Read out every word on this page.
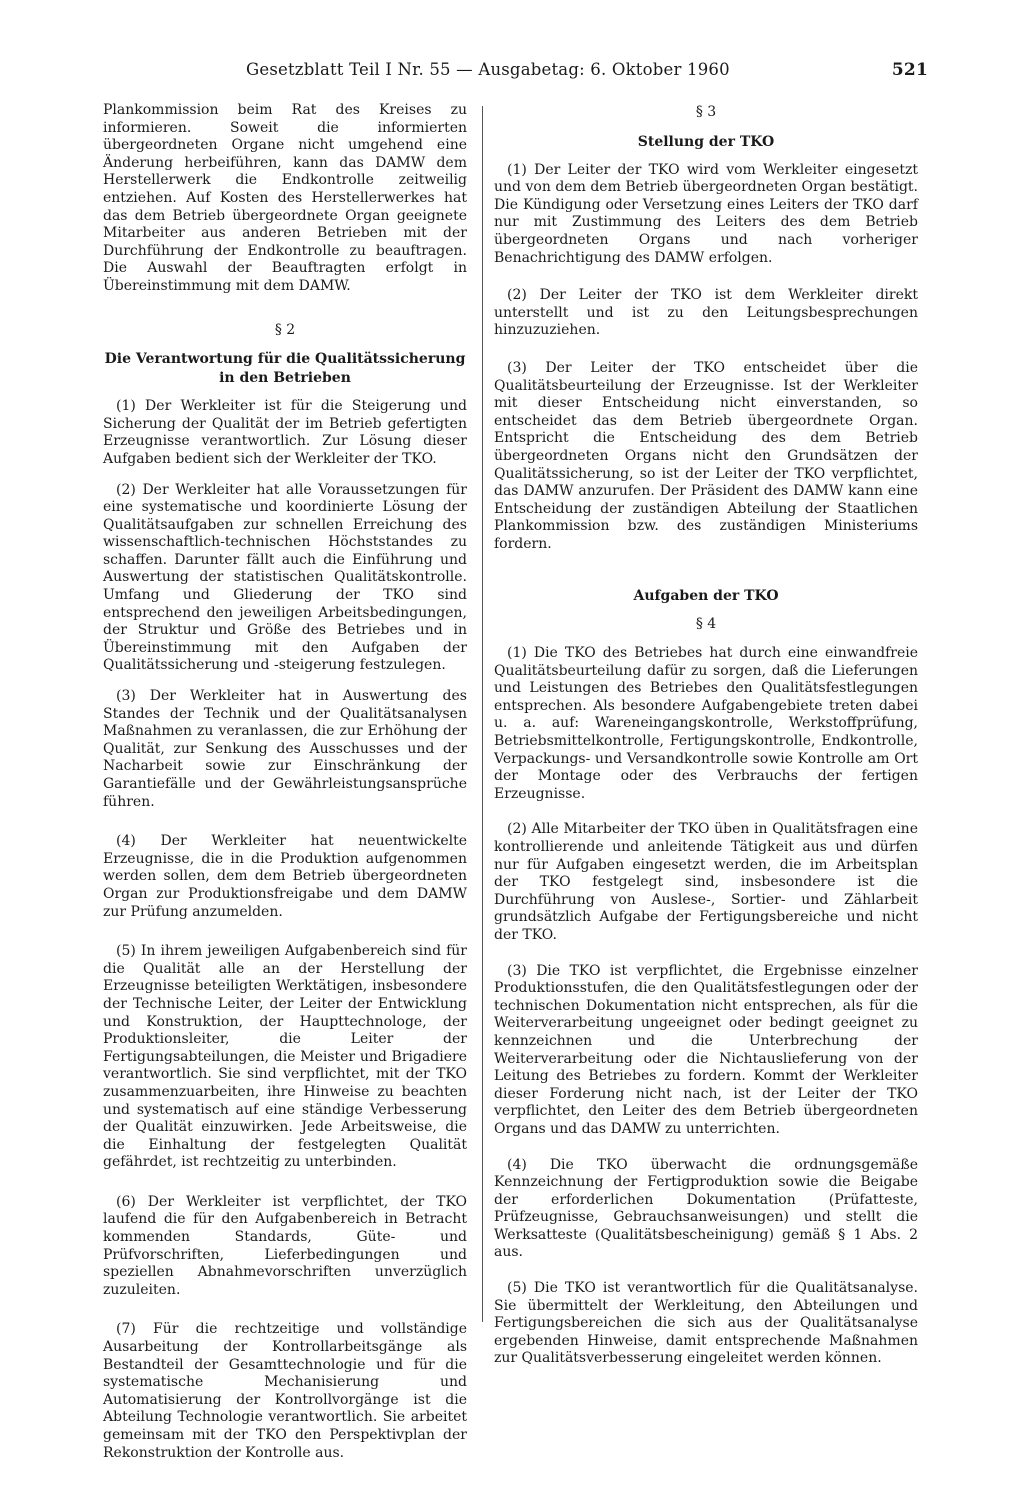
Gesetzblatt Teil I Nr. 55 — Ausgabetag: 6. Oktober 1960	521

Plankommission beim Rat des Kreises zu informieren. Soweit die informierten übergeordneten Organe nicht umgehend eine Änderung herbeiführen, kann das DAMW dem Herstellerwerk die Endkontrolle zeitweilig entziehen. Auf Kosten des Herstellerwerkes hat das dem Betrieb übergeordnete Organ geeignete Mitarbeiter aus anderen Betrieben mit der Durchführung der Endkontrolle zu beauftragen. Die Auswahl der Beauftragten erfolgt in Übereinstimmung mit dem DAMW.

§ 2
Die Verantwortung für die Qualitätssicherung
in den Betrieben

(1) Der Werkleiter ist für die Steigerung und Sicherung der Qualität der im Betrieb gefertigten Erzeugnisse verantwortlich. Zur Lösung dieser Aufgaben bedient sich der Werkleiter der TKO.

(2) Der Werkleiter hat alle Voraussetzungen für eine systematische und koordinierte Lösung der Qualitätsaufgaben zur schnellen Erreichung des wissenschaftlich-technischen Höchststandes zu schaffen. Darunter fällt auch die Einführung und Auswertung der statistischen Qualitätskontrolle. Umfang und Gliederung der TKO sind entsprechend den jeweiligen Arbeitsbedingungen, der Struktur und Größe des Betriebes und in Übereinstimmung mit den Aufgaben der Qualitätssicherung und -steigerung festzulegen.

(3) Der Werkleiter hat in Auswertung des Standes der Technik und der Qualitätsanalysen Maßnahmen zu veranlassen, die zur Erhöhung der Qualität, zur Senkung des Ausschusses und der Nacharbeit sowie zur Einschränkung der Garantiefälle und der Gewährleistungsansprüche führen.

(4) Der Werkleiter hat neuentwickelte Erzeugnisse, die in die Produktion aufgenommen werden sollen, dem dem Betrieb übergeordneten Organ zur Produktionsfreigabe und dem DAMW zur Prüfung anzumelden.

(5) In ihrem jeweiligen Aufgabenbereich sind für die Qualität alle an der Herstellung der Erzeugnisse beteiligten Werktätigen, insbesondere der Technische Leiter, der Leiter der Entwicklung und Konstruktion, der Haupttechnologe, der Produktionsleiter, die Leiter der Fertigungsabteilungen, die Meister und Brigadiere verantwortlich. Sie sind verpflichtet, mit der TKO zusammenzuarbeiten, ihre Hinweise zu beachten und systematisch auf eine ständige Verbesserung der Qualität einzuwirken. Jede Arbeitsweise, die die Einhaltung der festgelegten Qualität gefährdet, ist rechtzeitig zu unterbinden.

(6) Der Werkleiter ist verpflichtet, der TKO laufend die für den Aufgabenbereich in Betracht kommenden Standards, Güte- und Prüfvorschriften, Lieferbedingungen und speziellen Abnahmevorschriften unverzüglich zuzuleiten.

(7) Für die rechtzeitige und vollständige Ausarbeitung der Kontrollarbeitsgänge als Bestandteil der Gesamttechnologie und für die systematische Mechanisierung und Automatisierung der Kontrollvorgänge ist die Abteilung Technologie verantwortlich. Sie arbeitet gemeinsam mit der TKO den Perspektivplan der Rekonstruktion der Kontrolle aus.

§ 3
Stellung der TKO

(1) Der Leiter der TKO wird vom Werkleiter eingesetzt und von dem dem Betrieb übergeordneten Organ bestätigt. Die Kündigung oder Versetzung eines Leiters der TKO darf nur mit Zustimmung des Leiters des dem Betrieb übergeordneten Organs und nach vorheriger Benachrichtigung des DAMW erfolgen.

(2) Der Leiter der TKO ist dem Werkleiter direkt unterstellt und ist zu den Leitungsbesprechungen hinzuzuziehen.

(3) Der Leiter der TKO entscheidet über die Qualitätsbeurteilung der Erzeugnisse. Ist der Werkleiter mit dieser Entscheidung nicht einverstanden, so entscheidet das dem Betrieb übergeordnete Organ. Entspricht die Entscheidung des dem Betrieb übergeordneten Organs nicht den Grundsätzen der Qualitätssicherung, so ist der Leiter der TKO verpflichtet, das DAMW anzurufen. Der Präsident des DAMW kann eine Entscheidung der zuständigen Abteilung der Staatlichen Plankommission bzw. des zuständigen Ministeriums fordern.

Aufgaben der TKO
§ 4

(1) Die TKO des Betriebes hat durch eine einwandfreie Qualitätsbeurteilung dafür zu sorgen, daß die Lieferungen und Leistungen des Betriebes den Qualitätsfestlegungen entsprechen. Als besondere Aufgabengebiete treten dabei u. a. auf: Wareneingangskontrolle, Werkstoffprüfung, Betriebsmittelkontrolle, Fertigungskontrolle, Endkontrolle, Verpackungs- und Versandkontrolle sowie Kontrolle am Ort der Montage oder des Verbrauchs der fertigen Erzeugnisse.

(2) Alle Mitarbeiter der TKO üben in Qualitätsfragen eine kontrollierende und anleitende Tätigkeit aus und dürfen nur für Aufgaben eingesetzt werden, die im Arbeitsplan der TKO festgelegt sind, insbesondere ist die Durchführung von Auslese-, Sortier- und Zählarbeit grundsätzlich Aufgabe der Fertigungsbereiche und nicht der TKO.

(3) Die TKO ist verpflichtet, die Ergebnisse einzelner Produktionsstufen, die den Qualitätsfestlegungen oder der technischen Dokumentation nicht entsprechen, als für die Weiterverarbeitung ungeeignet oder bedingt geeignet zu kennzeichnen und die Unterbrechung der Weiterverarbeitung oder die Nichtauslieferung von der Leitung des Betriebes zu fordern. Kommt der Werkleiter dieser Forderung nicht nach, ist der Leiter der TKO verpflichtet, den Leiter des dem Betrieb übergeordneten Organs und das DAMW zu unterrichten.

(4) Die TKO überwacht die ordnungsgemäße Kennzeichnung der Fertigproduktion sowie die Beigabe der erforderlichen Dokumentation (Prüfatteste, Prüfzeugnisse, Gebrauchsanweisungen) und stellt die Werksatteste (Qualitätsbescheinigung) gemäß § 1 Abs. 2 aus.

(5) Die TKO ist verantwortlich für die Qualitätsanalyse. Sie übermittelt der Werkleitung, den Abteilungen und Fertigungsbereichen die sich aus der Qualitätsanalyse ergebenden Hinweise, damit entsprechende Maßnahmen zur Qualitätsverbesserung eingeleitet werden können.
